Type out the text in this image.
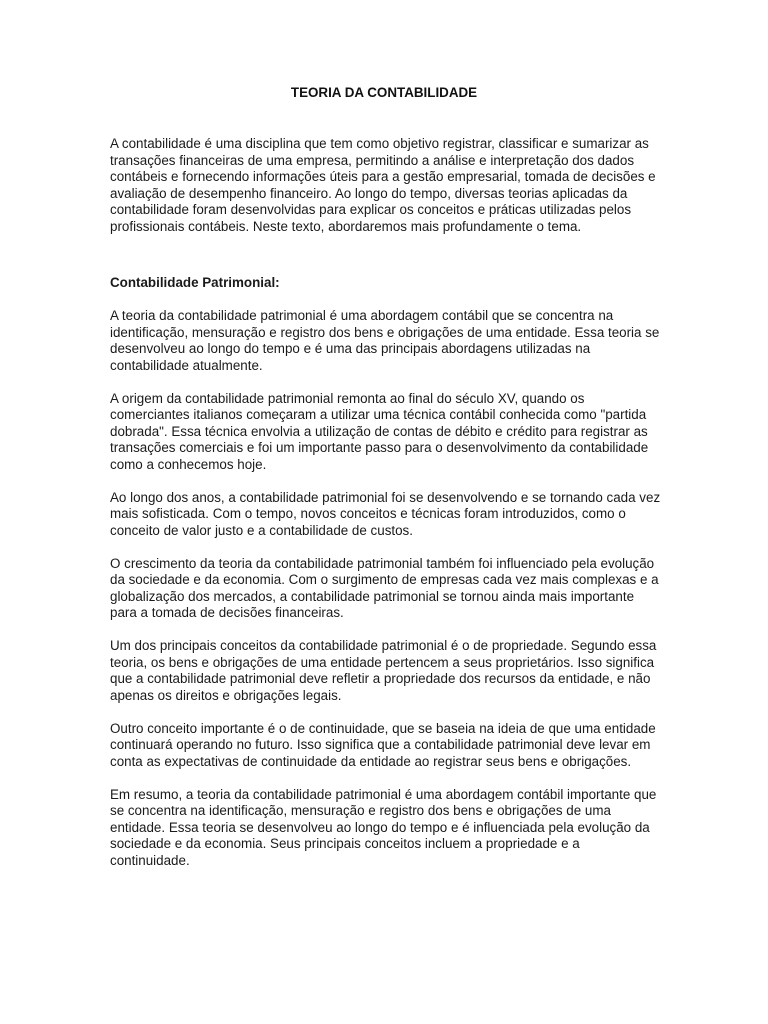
TEORIA DA CONTABILIDADE

A contabilidade é uma disciplina que tem como objetivo registrar, classificar e sumarizar as transações financeiras de uma empresa, permitindo a análise e interpretação dos dados contábeis e fornecendo informações úteis para a gestão empresarial, tomada de decisões e avaliação de desempenho financeiro. Ao longo do tempo, diversas teorias aplicadas da contabilidade foram desenvolvidas para explicar os conceitos e práticas utilizadas pelos profissionais contábeis. Neste texto, abordaremos mais profundamente o tema.

Contabilidade Patrimonial:

A teoria da contabilidade patrimonial é uma abordagem contábil que se concentra na identificação, mensuração e registro dos bens e obrigações de uma entidade. Essa teoria se desenvolveu ao longo do tempo e é uma das principais abordagens utilizadas na contabilidade atualmente.

A origem da contabilidade patrimonial remonta ao final do século XV, quando os comerciantes italianos começaram a utilizar uma técnica contábil conhecida como "partida dobrada". Essa técnica envolvia a utilização de contas de débito e crédito para registrar as transações comerciais e foi um importante passo para o desenvolvimento da contabilidade como a conhecemos hoje.

Ao longo dos anos, a contabilidade patrimonial foi se desenvolvendo e se tornando cada vez mais sofisticada. Com o tempo, novos conceitos e técnicas foram introduzidos, como o conceito de valor justo e a contabilidade de custos.

O crescimento da teoria da contabilidade patrimonial também foi influenciado pela evolução da sociedade e da economia. Com o surgimento de empresas cada vez mais complexas e a globalização dos mercados, a contabilidade patrimonial se tornou ainda mais importante para a tomada de decisões financeiras.

Um dos principais conceitos da contabilidade patrimonial é o de propriedade. Segundo essa teoria, os bens e obrigações de uma entidade pertencem a seus proprietários. Isso significa que a contabilidade patrimonial deve refletir a propriedade dos recursos da entidade, e não apenas os direitos e obrigações legais.

Outro conceito importante é o de continuidade, que se baseia na ideia de que uma entidade continuará operando no futuro. Isso significa que a contabilidade patrimonial deve levar em conta as expectativas de continuidade da entidade ao registrar seus bens e obrigações.

Em resumo, a teoria da contabilidade patrimonial é uma abordagem contábil importante que se concentra na identificação, mensuração e registro dos bens e obrigações de uma entidade. Essa teoria se desenvolveu ao longo do tempo e é influenciada pela evolução da sociedade e da economia. Seus principais conceitos incluem a propriedade e a continuidade.
